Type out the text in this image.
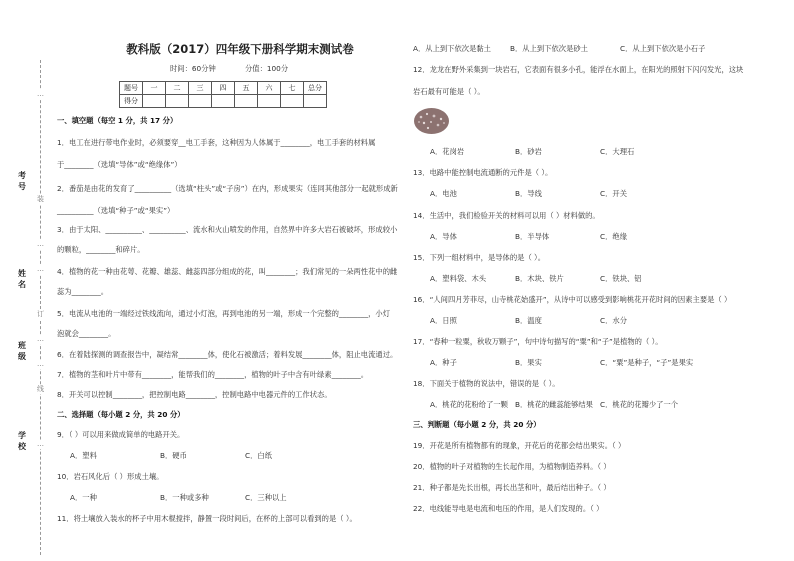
教科版（2017）四年级下册科学期末测试卷
时间：60分钟	分值：100分
题号	一	二	三	四	五	六	七	总分
得分								
…
装
…
…
订
…
…
线
…
考号
姓名
班级
学校
一、填空题（每空 1 分，共 17 分）
1．电工在进行带电作业时，必须要穿__电工手套，这种因为人体属于________，电工手套的材料属
于________（选填“导体”或“绝缘体”）
2．番茄是由花的发育了__________（选填“柱头”或“子房”）在内，形成果实（连同其他部分一起就形成新
__________（选填“种子”或“果实”）
3．由于太阳、__________、__________、流水和火山喷发的作用，自然界中许多大岩石被破坏，形成较小
的颗粒，________和碎片。
4．植物的花一种由花萼、花瓣、雄蕊、雌蕊四部分组成的花，叫________；我们常见的一朵两性花中的雌
蕊为________。
5．电流从电池的一端经过铁线流向，通过小灯泡，再到电池的另一端，形成一个完整的________，小灯
泡就会________。
6．在着陆探测的调查报告中，凝结常________体，使化石被激活；着料发展________体，阻止电流通过。
7．植物的茎和叶片中带有________，能帮我们的________，植物的叶子中含有叶绿素________。
8．开关可以控制________，把控制电路________，控制电路中电器元件的工作状态。
二、选择题（每小题 2 分，共 20 分）
9．（ ）可以用来做成简单的电路开关。
A．塑料	B．硬币	C．白纸
10．岩石风化后（ ）形成土壤。
A．一种	B．一种或多种	C．三种以上
11．将土壤放入装水的杯子中用木棍搅拌，静置一段时间后，在杯的上部可以看到的是（ ）。
A．从上到下依次是黏土	B．从上到下依次是砂土	C．从上到下依次是小石子
12．龙龙在野外采集到一块岩石，它表面有很多小孔，能浮在水面上，在阳光的照射下闪闪发光，这块
岩石最有可能是（ ）。
A．花岗岩	B．砂岩	C．大理石
13．电路中能控制电流通断的元件是（ ）。
A．电池	B．导线	C．开关
14．生活中，我们检验开关的材料可以用（ ）材料做的。
A．导体	B．半导体	C．绝缘
15．下列一组材料中，是导体的是（ ）。
A．塑料袋、木头	B．木块、铁片	C．铁块、铝
16．“人间四月芳菲尽，山寺桃花始盛开”，从诗中可以感受到影响桃花开花时间的因素主要是（ ）
A．日照	B．温度	C．水分
17．“春种一粒粟，秋收万颗子”，句中诗句描写的“粟”和“子”是植物的（ ）。
A．种子	B．果实	C．“粟”是种子，“子”是果实
18．下面关于植物的说法中，错误的是（ ）。
A．桃花的花粉给了一颗 B．桃花的雌蕊能够结果 C．桃花的花瓣少了一个
三、判断题（每小题 2 分，共 20 分）
19．开花是所有植物都有的现象，开花后的花都会结出果实。（ ）
20．植物的叶子对植物的生长起作用，为植物制造养料。（ ）
21．种子都是先长出根，再长出茎和叶，最后结出种子。（ ）
22．电线能导电是电流和电压的作用，是人们发现的。（ ）
